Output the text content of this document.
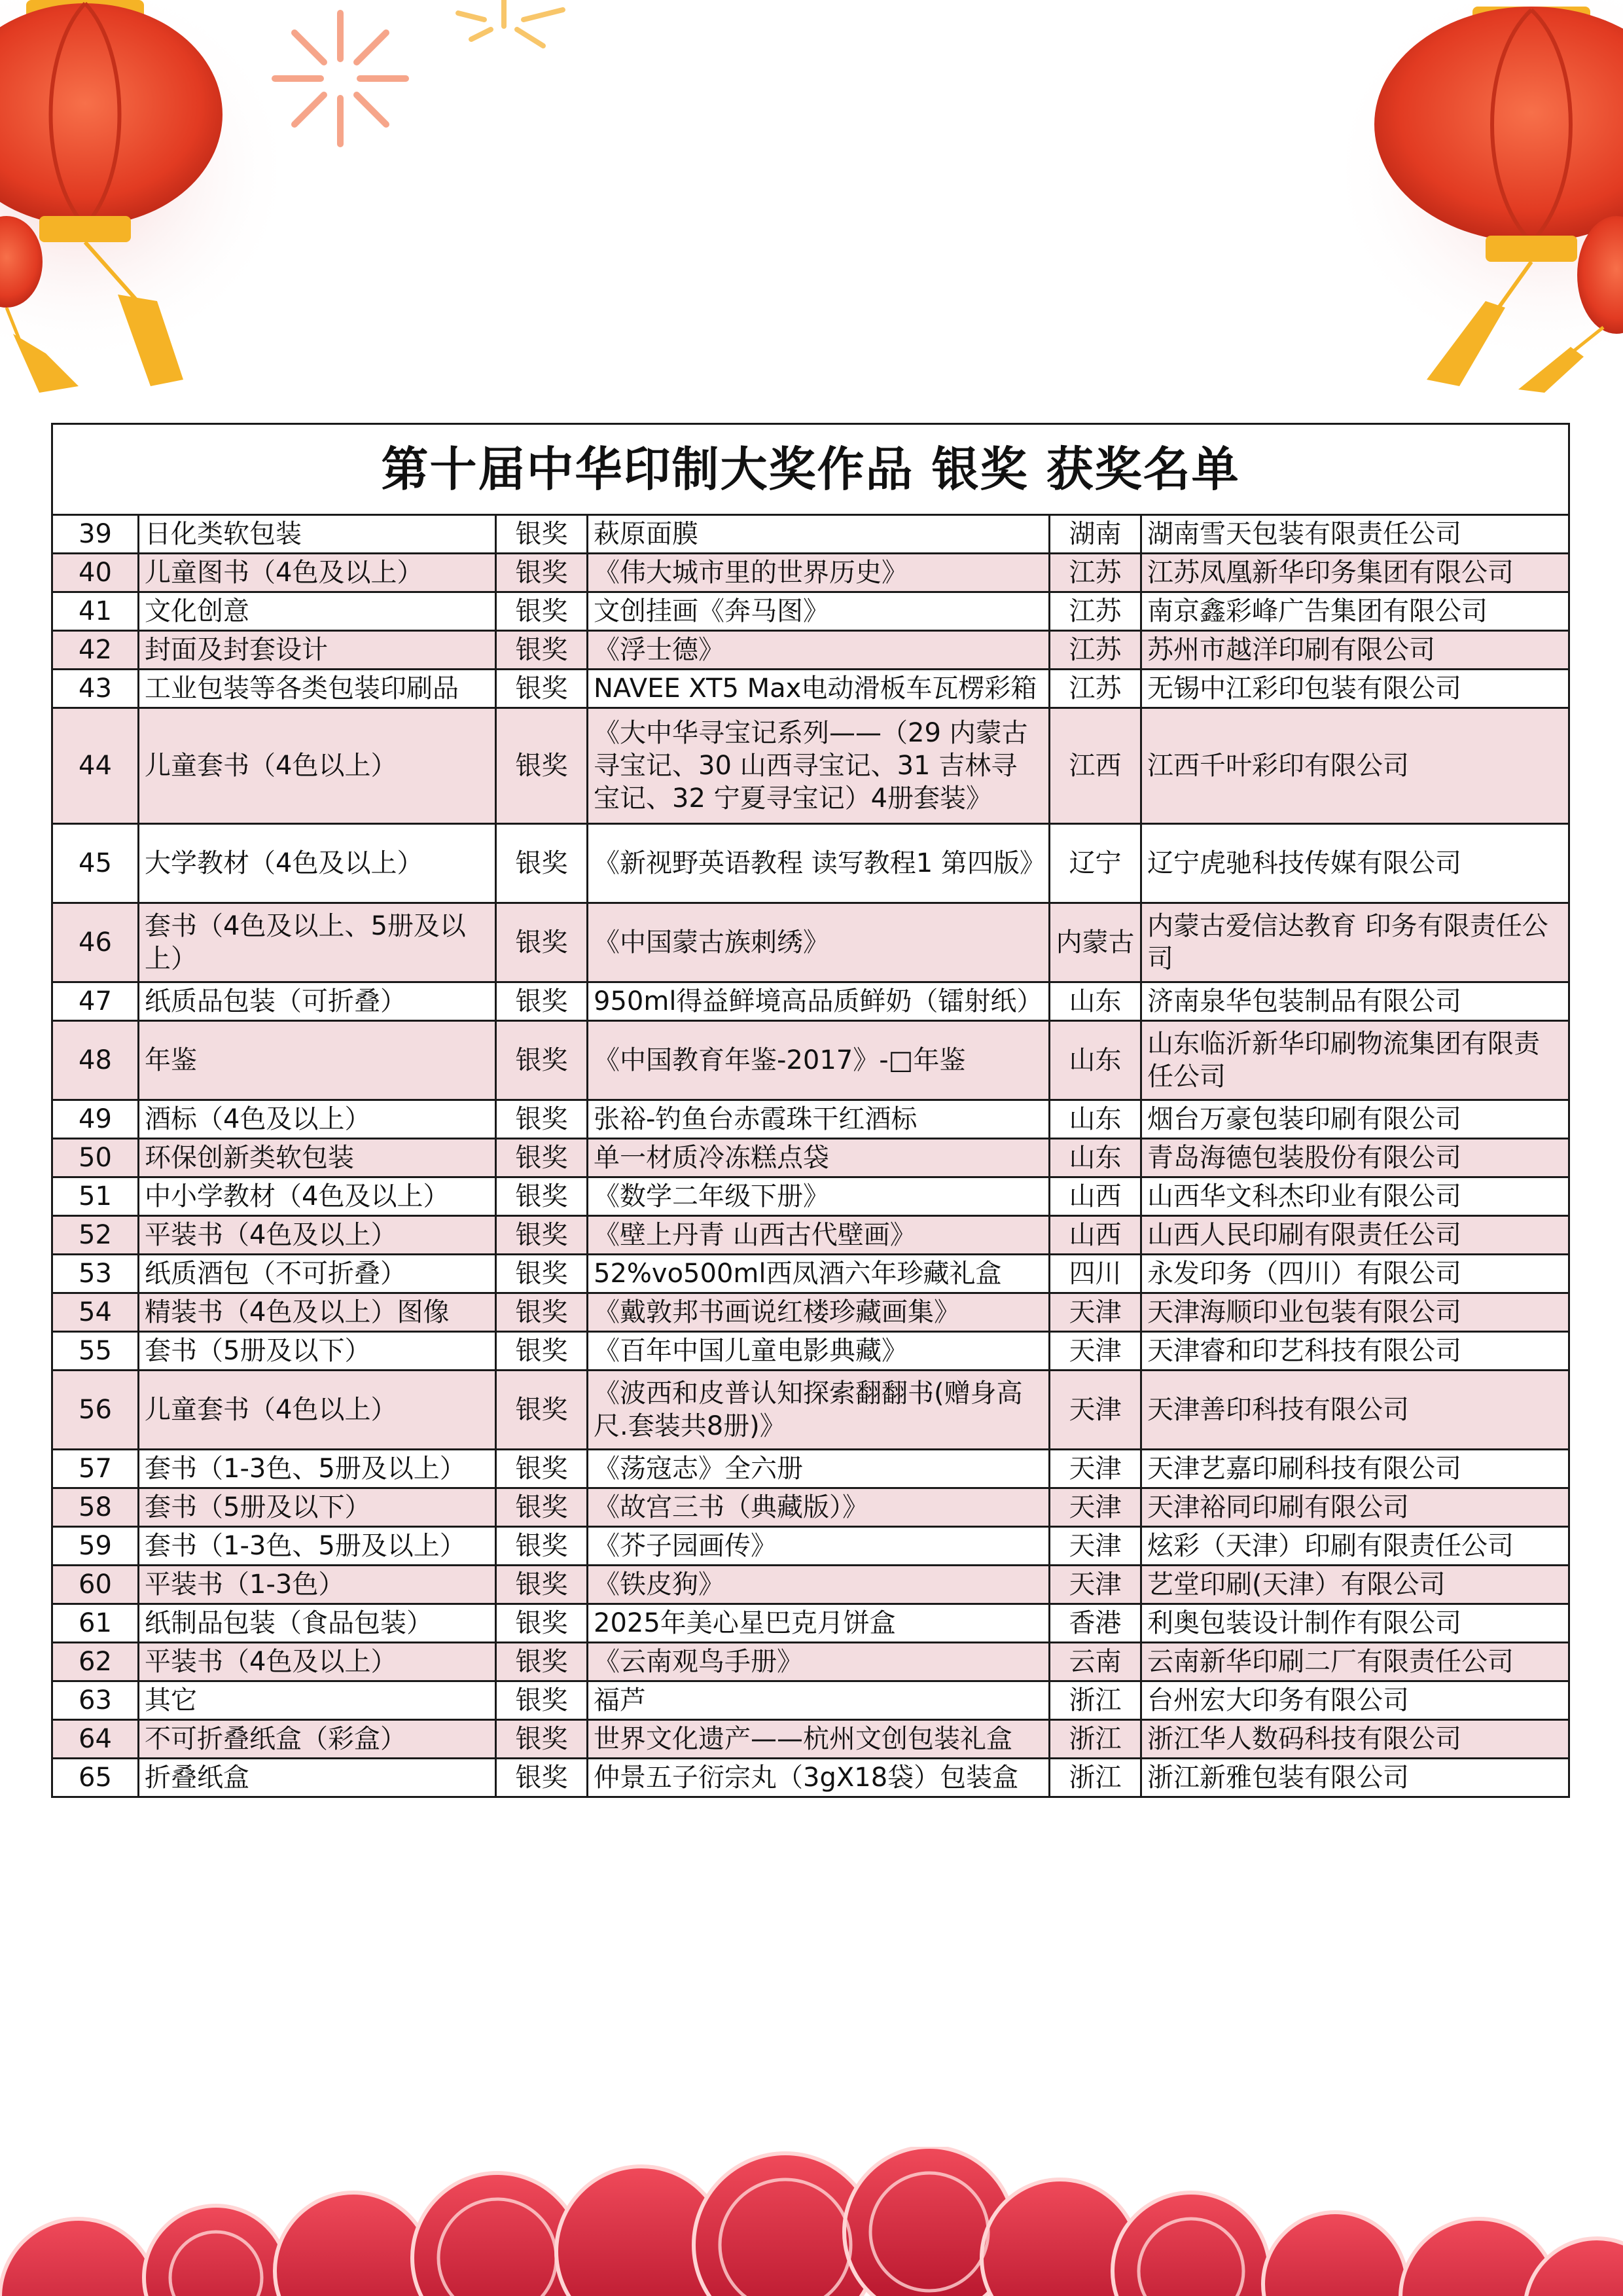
第十届中华印制大奖作品 银奖 获奖名单					
39	日化类软包装	银奖	萩原面膜	湖南	湖南雪天包装有限责任公司
40	儿童图书（4色及以上）	银奖	《伟大城市里的世界历史》	江苏	江苏凤凰新华印务集团有限公司
41	文化创意	银奖	文创挂画《奔马图》	江苏	南京鑫彩峰广告集团有限公司
42	封面及封套设计	银奖	《浮士德》	江苏	苏州市越洋印刷有限公司
43	工业包装等各类包装印刷品	银奖	NAVEE XT5 Max电动滑板车瓦楞彩箱	江苏	无锡中江彩印包装有限公司
44	儿童套书（4色以上）	银奖	《大中华寻宝记系列——（29 内蒙古寻宝记、30 山西寻宝记、31 吉林寻宝记、32 宁夏寻宝记）4册套装》	江西	江西千叶彩印有限公司
45	大学教材（4色及以上）	银奖	《新视野英语教程 读写教程1 第四版》	辽宁	辽宁虎驰科技传媒有限公司
46	套书（4色及以上、5册及以上）	银奖	《中国蒙古族刺绣》	内蒙古	内蒙古爱信达教育 印务有限责任公司
47	纸质品包装（可折叠）	银奖	950ml得益鲜境高品质鲜奶（镭射纸）	山东	济南泉华包装制品有限公司
48	年鉴	银奖	《中国教育年鉴-2017》-□年鉴	山东	山东临沂新华印刷物流集团有限责任公司
49	酒标（4色及以上）	银奖	张裕-钓鱼台赤霞珠干红酒标	山东	烟台万豪包装印刷有限公司
50	环保创新类软包装	银奖	单一材质冷冻糕点袋	山东	青岛海德包装股份有限公司
51	中小学教材（4色及以上）	银奖	《数学二年级下册》	山西	山西华文科杰印业有限公司
52	平装书（4色及以上）	银奖	《壁上丹青 山西古代壁画》	山西	山西人民印刷有限责任公司
53	纸质酒包（不可折叠）	银奖	52%vo500ml西凤酒六年珍藏礼盒	四川	永发印务（四川）有限公司
54	精装书（4色及以上）图像	银奖	《戴敦邦书画说红楼珍藏画集》	天津	天津海顺印业包装有限公司
55	套书（5册及以下）	银奖	《百年中国儿童电影典藏》	天津	天津睿和印艺科技有限公司
56	儿童套书（4色以上）	银奖	《波西和皮普认知探索翻翻书(赠身高尺.套装共8册)》	天津	天津善印科技有限公司
57	套书（1-3色、5册及以上）	银奖	《荡寇志》全六册	天津	天津艺嘉印刷科技有限公司
58	套书（5册及以下）	银奖	《故宫三书（典藏版）》	天津	天津裕同印刷有限公司
59	套书（1-3色、5册及以上）	银奖	《芥子园画传》	天津	炫彩（天津）印刷有限责任公司
60	平装书（1-3色）	银奖	《铁皮狗》	天津	艺堂印刷(天津）有限公司
61	纸制品包装（食品包装）	银奖	2025年美心星巴克月饼盒	香港	利奥包装设计制作有限公司
62	平装书（4色及以上）	银奖	《云南观鸟手册》	云南	云南新华印刷二厂有限责任公司
63	其它	银奖	福芦	浙江	台州宏大印务有限公司
64	不可折叠纸盒（彩盒）	银奖	世界文化遗产——杭州文创包装礼盒	浙江	浙江华人数码科技有限公司
65	折叠纸盒	银奖	仲景五子衍宗丸（3gX18袋）包装盒	浙江	浙江新雅包装有限公司
